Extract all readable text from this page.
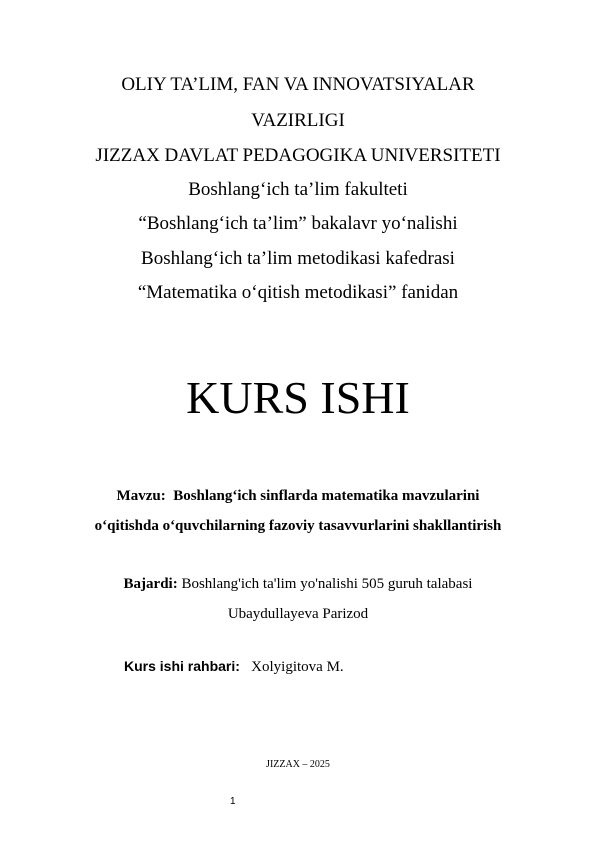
OLIY TA’LIM, FAN VA INNOVATSIYALAR
VAZIRLIGI
JIZZAX DAVLAT PEDAGOGIKA UNIVERSITETI
Boshlang‘ich ta’lim fakulteti
“Boshlang‘ich ta’lim” bakalavr yo‘nalishi
Boshlang‘ich ta’lim metodikasi kafedrasi
“Matematika o‘qitish metodikasi” fanidan
KURS ISHI
Mavzu: Boshlang‘ich sinflarda matematika mavzularini
o‘qitishda o‘quvchilarning fazoviy tasavvurlarini shakllantirish
Bajardi: Boshlang'ich ta'lim yo'nalishi 505 guruh talabasi
Ubaydullayeva Parizod
Kurs ishi rahbari: Xolyigitova M.
JIZZAX – 2025
1
